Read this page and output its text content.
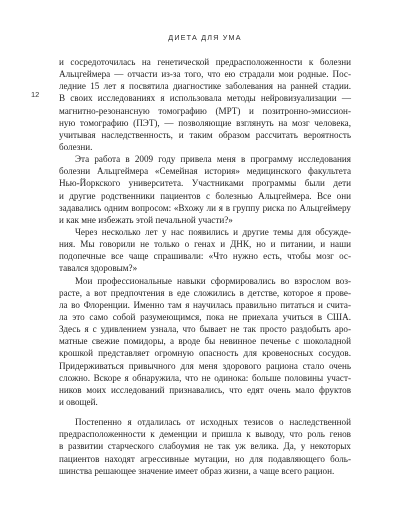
ДИЕТА ДЛЯ УМА
12
и сосредоточилась на генетической предрасположенности к болезни
Альцгеймера — отчасти из-за того, что ею страдали мои родные. Пос-
ледние 15 лет я посвятила диагностике заболевания на ранней стадии.
В своих исследованиях я использовала методы нейровизуализации —
магнитно-резонансную томографию (МРТ) и позитронно-эмиссион-
ную томографию (ПЭТ), — позволяющие взглянуть на мозг человека,
учитывая наследственность, и таким образом рассчитать вероятность
болезни.
Эта работа в 2009 году привела меня в программу исследования
болезни Альцгеймера «Семейная история» медицинского факультета
Нью-Йоркского университета. Участниками программы были дети
и другие родственники пациентов с болезнью Альцгеймера. Все они
задавались одним вопросом: «Вхожу ли я в группу риска по Альцгеймеру
и как мне избежать этой печальной участи?»
Через несколько лет у нас появились и другие темы для обсужде-
ния. Мы говорили не только о генах и ДНК, но и питании, и наши
подопечные все чаще спрашивали: «Что нужно есть, чтобы мозг ос-
тавался здоровым?»
Мои профессиональные навыки сформировались во взрослом воз-
расте, а вот предпочтения в еде сложились в детстве, которое я прове-
ла во Флоренции. Именно там я научилась правильно питаться и счита-
ла это само собой разумеющимся, пока не приехала учиться в США.
Здесь я с удивлением узнала, что бывает не так просто раздобыть аро-
матные свежие помидоры, а вроде бы невинное печенье с шоколадной
крошкой представляет огромную опасность для кровеносных сосудов.
Придерживаться привычного для меня здорового рациона стало очень
сложно. Вскоре я обнаружила, что не одинока: больше половины участ-
ников моих исследований признавались, что едят очень мало фруктов
и овощей.
Постепенно я отдалилась от исходных тезисов о наследственной
предрасположенности к деменции и пришла к выводу, что роль генов
в развитии старческого слабоумия не так уж велика. Да, у некоторых
пациентов находят агрессивные мутации, но для подавляющего боль-
шинства решающее значение имеет образ жизни, а чаще всего рацион.
